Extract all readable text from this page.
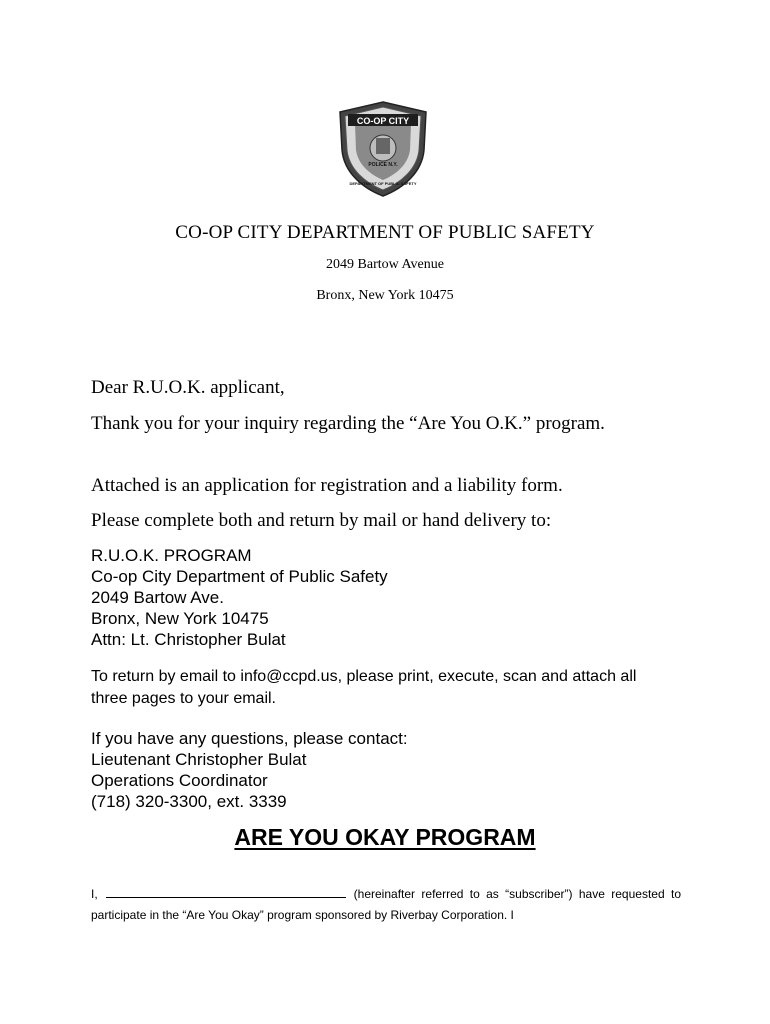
CO-OP CITY
POLICE N.Y.
DEPARTMENT OF PUBLIC SAFETY
CO-OP CITY DEPARTMENT OF PUBLIC SAFETY
2049 Bartow Avenue
Bronx, New York 10475
Dear R.U.O.K. applicant,
Thank you for your inquiry regarding the “Are You O.K.” program.
Attached is an application for registration and a liability form.
Please complete both and return by mail or hand delivery to:
R.U.O.K. PROGRAM
Co-op City Department of Public Safety
2049 Bartow Ave.
Bronx, New York 10475
Attn: Lt. Christopher Bulat
To return by email to info@ccpd.us, please print, execute, scan and attach all three pages to your email.
If you have any questions, please contact:
Lieutenant Christopher Bulat
Operations Coordinator
(718) 320-3300, ext. 3339
ARE YOU OKAY PROGRAM
I,	(hereinafter referred to as “subscriber”) have requested to participate in the “Are You Okay” program sponsored by Riverbay Corporation. I
